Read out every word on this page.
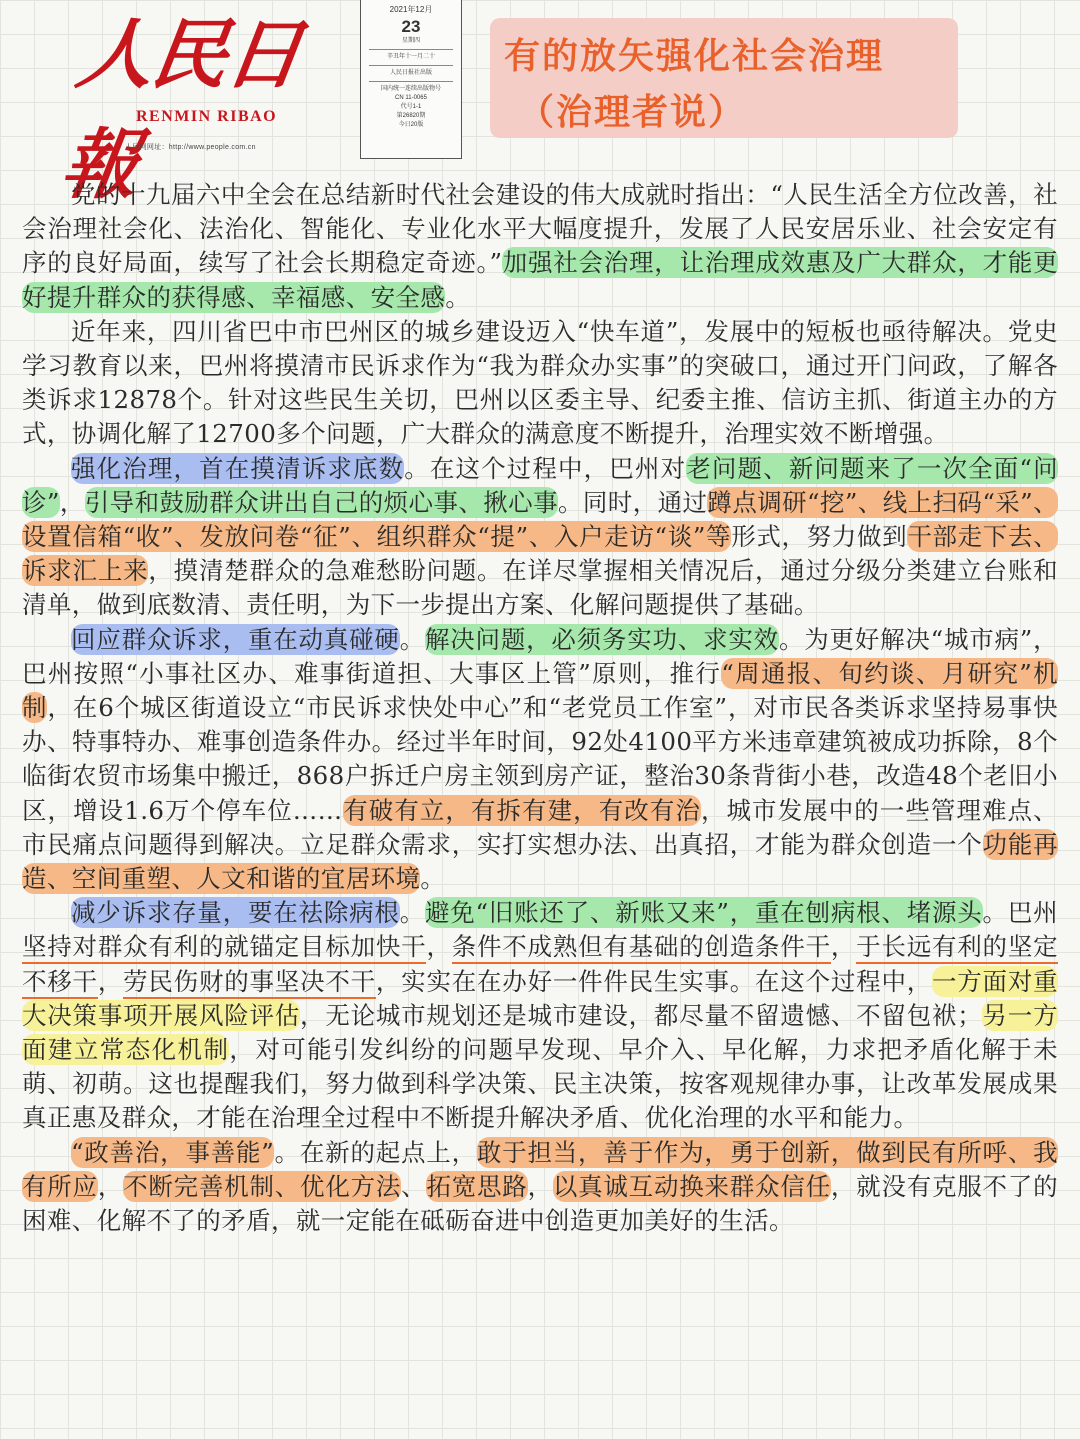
人民日報
RENMIN RIBAO
人民网网址：http://www.people.com.cn
2021年12月
23
星期四
辛丑年十一月二十
人民日报社出版
国内统一连续出版物号
CN 11-0065
代号1-1
第26820期
今日20版
有的放矢强化社会治理
（治理者说）

党的十九届六中全会在总结新时代社会建设的伟大成就时指出：“人民生活全方位改善，社会治理社会化、法治化、智能化、专业化水平大幅度提升，发展了人民安居乐业、社会安定有序的良好局面，续写了社会长期稳定奇迹。”加强社会治理，让治理成效惠及广大群众，才能更好提升群众的获得感、幸福感、安全感。

近年来，四川省巴中市巴州区的城乡建设迈入“快车道”，发展中的短板也亟待解决。党史学习教育以来，巴州将摸清市民诉求作为“我为群众办实事”的突破口，通过开门问政，了解各类诉求12878个。针对这些民生关切，巴州以区委主导、纪委主推、信访主抓、街道主办的方式，协调化解了12700多个问题，广大群众的满意度不断提升，治理实效不断增强。

强化治理，首在摸清诉求底数。在这个过程中，巴州对老问题、新问题来了一次全面“问诊”，引导和鼓励群众讲出自己的烦心事、揪心事。同时，通过蹲点调研“挖”、线上扫码“采”、设置信箱“收”、发放问卷“征”、组织群众“提”、入户走访“谈”等形式，努力做到干部走下去、诉求汇上来，摸清楚群众的急难愁盼问题。在详尽掌握相关情况后，通过分级分类建立台账和清单，做到底数清、责任明，为下一步提出方案、化解问题提供了基础。

回应群众诉求，重在动真碰硬。解决问题，必须务实功、求实效。为更好解决“城市病”，巴州按照“小事社区办、难事街道担、大事区上管”原则，推行“周通报、旬约谈、月研究”机制，在6个城区街道设立“市民诉求快处中心”和“老党员工作室”，对市民各类诉求坚持易事快办、特事特办、难事创造条件办。经过半年时间，92处4100平方米违章建筑被成功拆除，8个临街农贸市场集中搬迁，868户拆迁户房主领到房产证，整治30条背街小巷，改造48个老旧小区，增设1.6万个停车位……有破有立，有拆有建，有改有治，城市发展中的一些管理难点、市民痛点问题得到解决。立足群众需求，实打实想办法、出真招，才能为群众创造一个功能再造、空间重塑、人文和谐的宜居环境。

减少诉求存量，要在祛除病根。避免“旧账还了、新账又来”，重在刨病根、堵源头。巴州坚持对群众有利的就锚定目标加快干，条件不成熟但有基础的创造条件干，于长远有利的坚定不移干，劳民伤财的事坚决不干，实实在在办好一件件民生实事。在这个过程中，一方面对重大决策事项开展风险评估，无论城市规划还是城市建设，都尽量不留遗憾、不留包袱；另一方面建立常态化机制，对可能引发纠纷的问题早发现、早介入、早化解，力求把矛盾化解于未萌、初萌。这也提醒我们，努力做到科学决策、民主决策，按客观规律办事，让改革发展成果真正惠及群众，才能在治理全过程中不断提升解决矛盾、优化治理的水平和能力。

“政善治，事善能”。在新的起点上，敢于担当，善于作为，勇于创新，做到民有所呼、我有所应，不断完善机制、优化方法、拓宽思路，以真诚互动换来群众信任，就没有克服不了的困难、化解不了的矛盾，就一定能在砥砺奋进中创造更加美好的生活。
